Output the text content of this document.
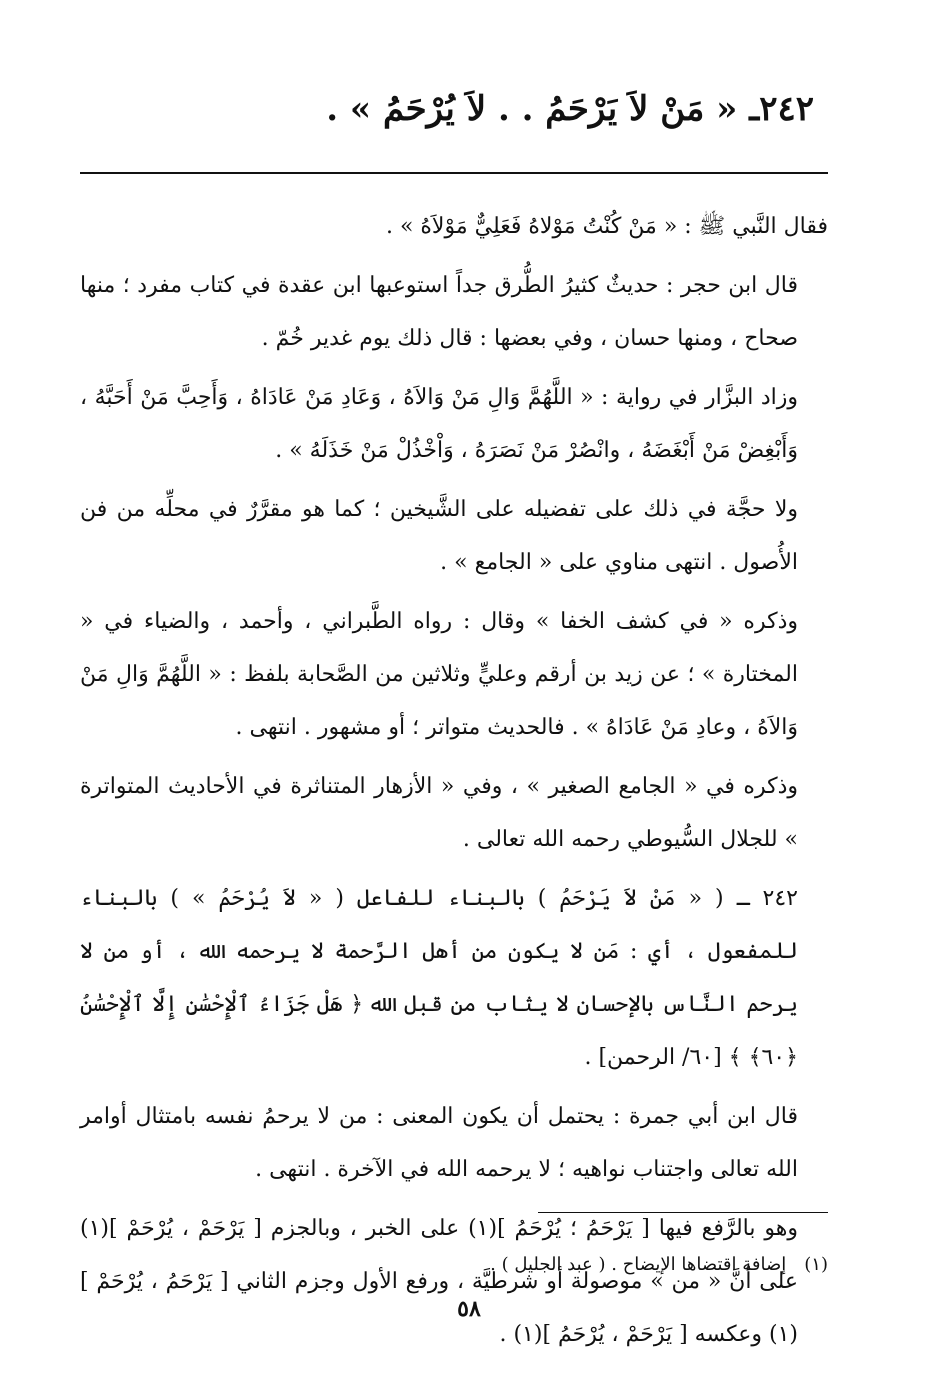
٢٤٢ـ « مَنْ لاَ يَرْحَمُ . . لاَ يُرْحَمُ » .

فقال النَّبي ﷺ : « مَنْ كُنْتُ مَوْلاهُ فَعَلِيٌّ مَوْلاَهُ » .

قال ابن حجر : حديثٌ كثيرُ الطُّرق جداً استوعبها ابن عقدة في كتاب مفرد ؛ منها صحاح ، ومنها حسان ، وفي بعضها : قال ذلك يوم غدير خُمّ .

وزاد البزَّار في رواية : « اللَّهُمَّ وَالِ مَنْ وَالاَهُ ، وَعَادِ مَنْ عَادَاهُ ، وَأَحِبَّ مَنْ أَحَبَّهُ ، وَأَبْغِضْ مَنْ أَبْغَضَهُ ، وانْصُرْ مَنْ نَصَرَهُ ، وَاْخْذُلْ مَنْ خَذَلَهُ » .

ولا حجَّة في ذلك على تفضيله على الشَّيخين ؛ كما هو مقرَّرٌ في محلِّه من فن الأُصول . انتهى مناوي على « الجامع » .

وذكره « في كشف الخفا » وقال : رواه الطَّبراني ، وأحمد ، والضياء في « المختارة » ؛ عن زيد بن أرقم وعليٍّ وثلاثين من الصَّحابة بلفظ : « اللَّهُمَّ وَالِ مَنْ وَالاَهُ ، وعادِ مَنْ عَادَاهُ » . فالحديث متواتر ؛ أو مشهور . انتهى .

وذكره في « الجامع الصغير » ، وفي « الأزهار المتناثرة في الأحاديث المتواترة » للجلال السُّيوطي رحمه الله تعالى .

٢٤٢ ـ ( « مَنْ لاَ يَرْحَمُ ) بالبناء للفاعل ( « لاَ يُرْحَمُ » ) بالبناء للمفعول ، أي : مَن لا يكون من أهل الرَّحمة لا يرحمه الله ، أو من لا يرحم النَّاس بالإحسان لا يثاب من قبل الله ﴿ هَلْ جَزَاءُ ٱلْإِحْسَٰنِ إِلَّا ٱلْإِحْسَٰنُ ﴿٦٠﴾ ﴾ [٦٠/ الرحمن] .

قال ابن أبي جمرة : يحتمل أن يكون المعنى : من لا يرحمُ نفسه بامتثال أوامر الله تعالى واجتناب نواهيه ؛ لا يرحمه الله في الآخرة . انتهى .

وهو بالرَّفع فيها [ يَرْحَمُ ؛ يُرْحَمُ ](١) على الخبر ، وبالجزم [ يَرْحَمْ ، يُرْحَمْ ](١) على أنَّ « من » موصولة أو شرطيَّة ، ورفع الأول وجزم الثاني [ يَرْحَمُ ، يُرْحَمْ ](١) وعكسه [ يَرْحَمْ ، يُرْحَمُ ](١) .

(١)إضافة اقتضاها الإيضاح . ( عبد الجليل ) .
٥٨
